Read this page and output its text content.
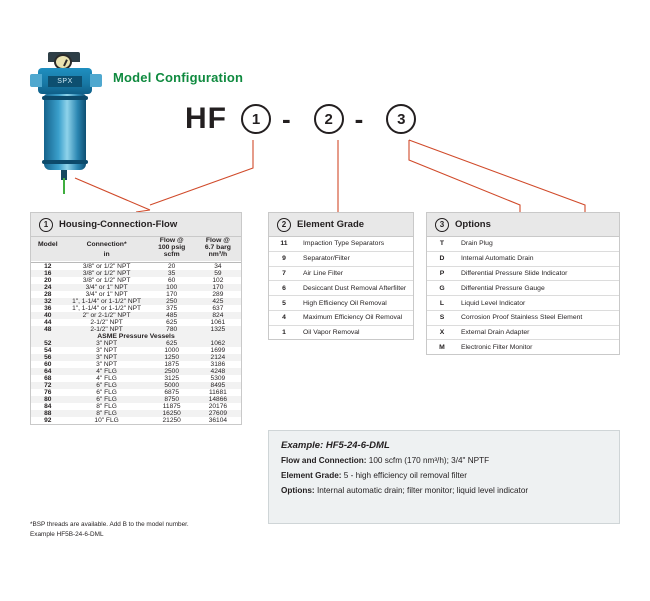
SPX	Model Configuration
HF	1 -	2 -	3
1	Housing-Connection-Flow
Model	Connection*	Flow @	Flow @
		100 psig	6.7 barg
	in	scfm	nm³/h

12	3/8" or 1/2" NPT	20	34
16	3/8" or 1/2" NPT	35	59
20	3/8" or 1/2" NPT	60	102
24	3/4" or 1" NPT	100	170
28	3/4" or 1" NPT	170	289
32	1", 1-1/4" or 1-1/2" NPT	250	425
36	1", 1-1/4" or 1-1/2" NPT	375	637
40	2" or 2-1/2" NPT	485	824
44	2-1/2" NPT	625	1061
48	2-1/2" NPT	780	1325
ASME Pressure Vessels			
52	3" NPT	625	1062
54	3" NPT	1000	1699
56	3" NPT	1250	2124
60	3" NPT	1875	3186
64	4" FLG	2500	4248
68	4" FLG	3125	5309
72	6" FLG	5000	8495
76	6" FLG	6875	11681
80	6" FLG	8750	14866
84	8" FLG	11875	20176
88	8" FLG	16250	27609
92	10" FLG	21250	36104
*BSP threads are available. Add B to the model number.
Example HF5B-24-6-DML
2	Element Grade
11	Impaction Type Separators
9	Separator/Filter
7	Air Line Filter
6	Desiccant Dust Removal Afterfilter
5	High Efficiency Oil Removal
4	Maximum Efficiency Oil Removal
1	Oil Vapor Removal
3	Options
T	Drain Plug
D	Internal Automatic Drain
P	Differential Pressure Slide Indicator
G	Differential Pressure Gauge
L	Liquid Level Indicator
S	Corrosion Proof Stainless Steel Element
X	External Drain Adapter
M	Electronic Filter Monitor
Example: HF5-24-6-DML
Flow and Connection: 100 scfm (170 nm³/h); 3/4" NPTF
Element Grade: 5 - high efficiency oil removal filter
Options: Internal automatic drain; filter monitor; liquid level indicator
